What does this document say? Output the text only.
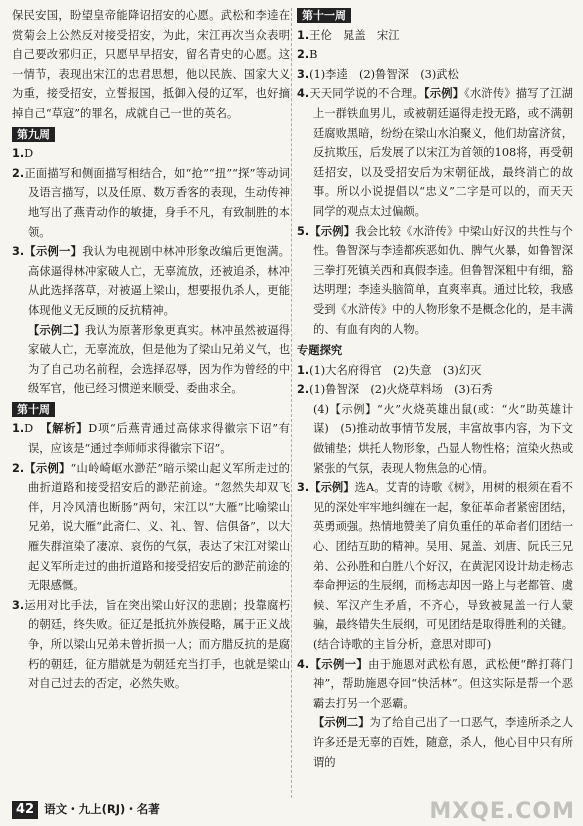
保民安国，盼望皇帝能降诏招安的心愿。武松和李逵在赏菊会上公然反对接受招安，为此，宋江再次当众表明自己要改邪归正，只愿早早招安，留名青史的心愿。这一情节，表现出宋江的忠君思想，他以民族、国家大义为重，接受招安，立誓报国，抵御入侵的辽军，也好摘掉自己“草寇”的罪名，成就自己一世的英名。

第九周

1.D

2.正面描写和侧面描写相结合，如“抢”“扭”“探”等动词及语言描写，以及任原、数万香客的表现，生动传神地写出了燕青动作的敏捷，身手不凡，有致制胜的本领。

3.【示例一】我认为电视剧中林冲形象改编后更饱满。高俅逼得林冲家破人亡，无辜流放，还被追杀，林冲从此选择落草，对被逼上梁山，想要报仇杀人，更能体现他义无反顾的反抗精神。

【示例二】我认为原著形象更真实。林冲虽然被逼得家破人亡，无辜流放，但是他为了梁山兄弟义气，也为了自己功名前程，会选择忍辱，因为作为曾经的中级军官，他已经习惯逆来顺受、委曲求全。

第十周

1.D　 【解析】D项“后燕青通过高俅求得徽宗下诏”有误，应该是“通过李师师求得徽宗下诏”。

2.【示例】“山岭崎岖水渺茫”暗示梁山起义军所走过的曲折道路和接受招安后的渺茫前途。“忽然失却双飞伴，月冷风清也断肠”两句，宋江以“大雁”比喻梁山兄弟，说大雁“此斋仁、义、礼、智、信俱备”，以大雁失群渲染了凄凉、哀伤的气氛，表达了宋江对梁山起义军所走过的曲折道路和接受招安后的渺茫前途的无限感慨。

3.运用对比手法，旨在突出梁山好汉的悲剧；投靠腐朽的朝廷，终失败。征辽是抵抗外族侵略，属于正义战争，所以梁山兄弟未曾折损一人；而方腊反抗的是腐朽的朝廷，征方腊就是为朝廷充当打手，也就是梁山对自己过去的否定，必然失败。

第十一周

1.王伦　晁盖　宋江

2.B

3.(1)李逵　(2)鲁智深　(3)武松

4.天天同学说的不合理。【示例】《水浒传》描写了江湖上一群铁血男儿，或被朝廷逼得走投无路，或不满朝廷腐败黑暗，纷纷在梁山水泊聚义，他们劫富济贫，反抗欺压，后发展了以宋江为首领的108将，再受朝廷招安，以及受招安后为宋朝征战，最终消亡的故事。所以小说提倡以“忠义”二字是可以的，而天天同学的观点太过偏颇。

5.【示例】我会比较《水浒传》中梁山好汉的共性与个性。鲁智深与李逵都疾恶如仇、脾气火暴，如鲁智深三拳打死镇关西和真假李逵。但鲁智深粗中有细，豁达明理；李逵头脑简单，直爽率真。通过比较，我感受到《水浒传》中的人物形象不是概念化的，是丰满的、有血有肉的人物。

专题探究

1.(1)大名府得官　(2)失意　(3)幻灭

2.(1)鲁智深　(2)火烧草料场　(3)石秀

(4)【示例】“火”火烧英雄出鼠(或：“火”助英雄计谋)　(5)推动故事情节发展，丰富故事内容，为下文做铺垫；烘托人物形象，凸显人物性格；渲染火热或紧张的气氛，表现人物焦急的心情。

3.【示例】选A。艾青的诗歌《树》，用树的根须在看不见的深处牢牢地纠缠在一起，象征革命者紧密团结，英勇顽强。热情地赞美了肩负重任的革命者们团结一心、团结互助的精神。吴用、晁盖、刘唐、阮氏三兄弟、公孙胜和白胜八个好汉，在黄泥冈设计劫走杨志奉命押运的生辰纲，而杨志却因一路上与老都管、虞候、军汉产生矛盾，不齐心，导致被晁盖一行人蒙骗，最终错失生辰纲，可见团结是取得胜利的关键。(结合诗歌的主旨分析，意思对即可)

4.【示例一】由于施恩对武松有恩，武松便“醉打蒋门神”，帮助施恩夺回“快活林”。但这实际是帮一个恶霸去打另一个恶霸。

【示例二】为了给自己出了一口恶气，李逵所杀之人许多还是无辜的百姓，随意，杀人，他心目中只有所谓的

42 语文・九上(RJ)・名著	MXQE.COM
